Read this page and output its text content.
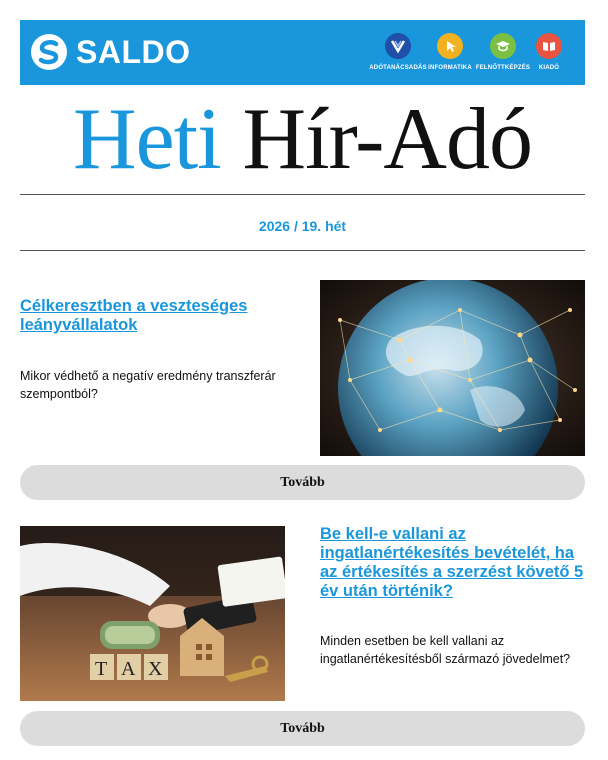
SALDO	ADÓTANÁCSADÁS INFORMATIKA FELNŐTTKÉPZÉS	KIADÓ
Heti Hír-Adó
2026 / 19. hét
Célkeresztben a veszteséges leányvállalatok
Mikor védhető a negatív eredmény transzferár szempontból?
Tovább
T A X
Be kell-e vallani az ingatlanértékesítés bevételét, ha az értékesítés a szerzést követő 5 év után történik?
Minden esetben be kell vallani az ingatlanértékesítésből származó jövedelmet?
Tovább
